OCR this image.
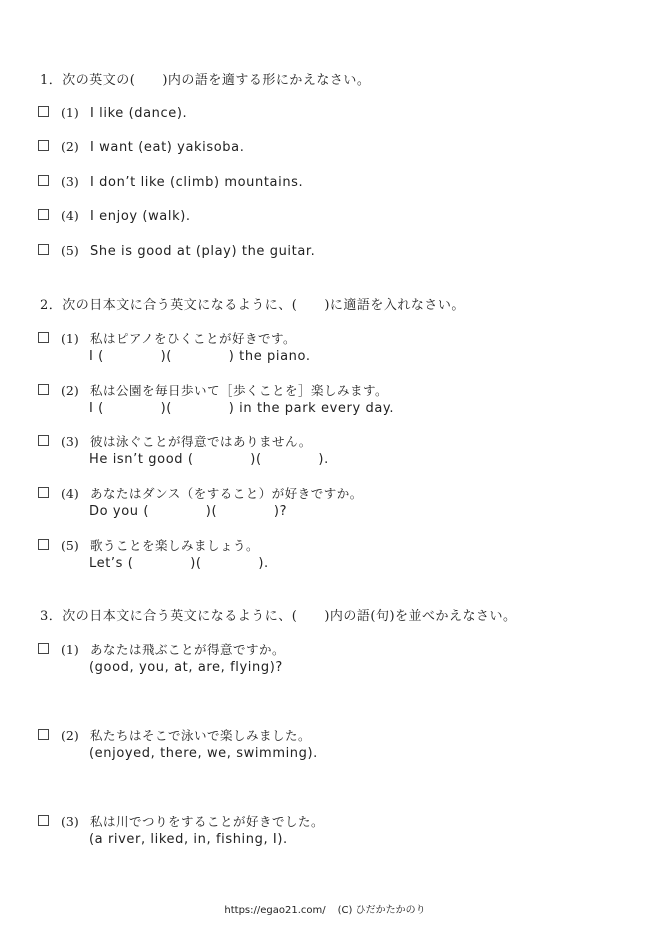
1．次の英文の(　　)内の語を適する形にかえなさい。
(1) I like (dance).
(2) I want (eat) yakisoba.
(3) I don’t like (climb) mountains.
(4) I enjoy (walk).
(5) She is good at (play) the guitar.
2．次の日本文に合う英文になるように、(　　)に適語を入れなさい。
(1) 私はピアノをひくことが好きです。
I (            )(            ) the piano.
(2) 私は公園を毎日歩いて［歩くことを］楽しみます。
I (            )(            ) in the park every day.
(3) 彼は泳ぐことが得意ではありません。
He isn’t good (            )(            ).
(4) あなたはダンス（をすること）が好きですか。
Do you (            )(            )?
(5) 歌うことを楽しみましょう。
Let’s (            )(            ).
3．次の日本文に合う英文になるように、(　　)内の語(句)を並べかえなさい。
(1) あなたは飛ぶことが得意ですか。
(good, you, at, are, flying)?
(2) 私たちはそこで泳いで楽しみました。
(enjoyed, there, we, swimming).
(3) 私は川でつりをすることが好きでした。
(a river, liked, in, fishing, I).
https://egao21.com/ (C) ひだかたかのり
